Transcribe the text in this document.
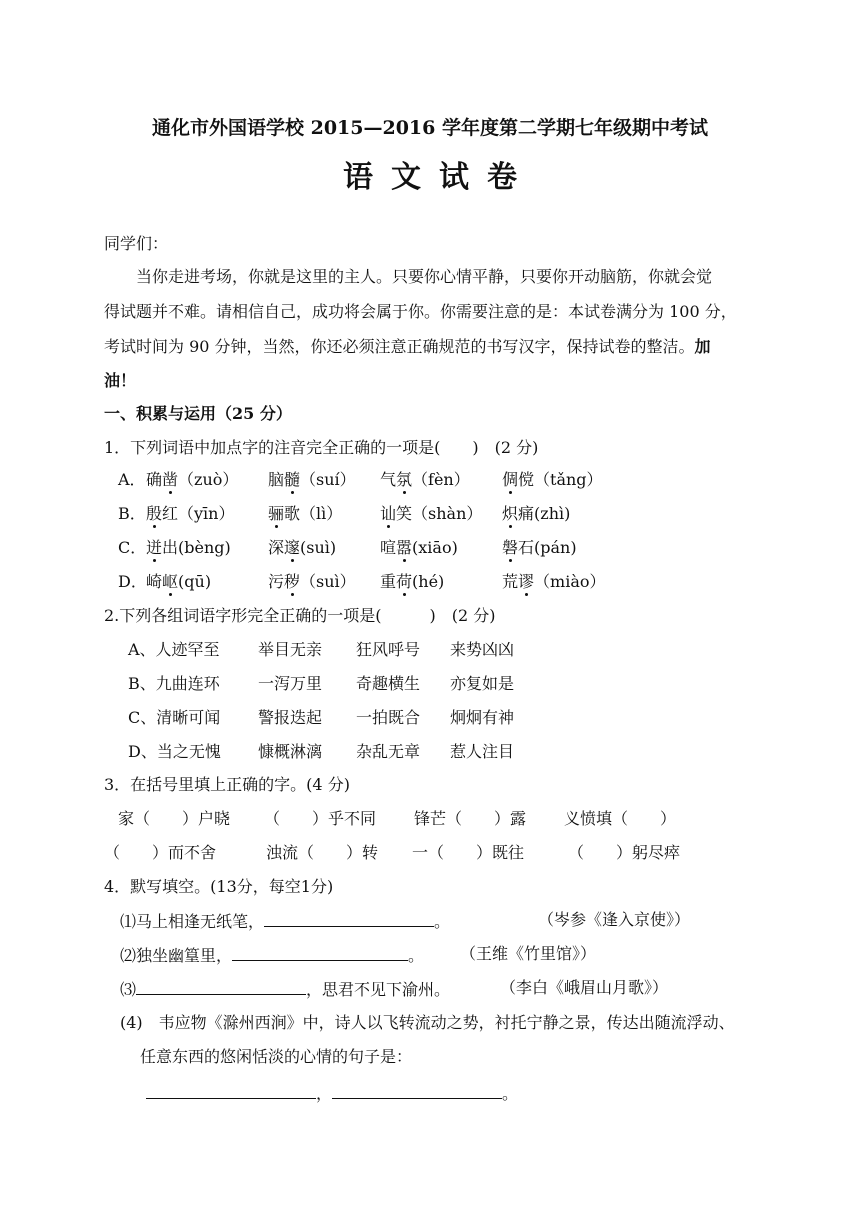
通化市外国语学校 2015—2016 学年度第二学期七年级期中考试
语文试卷
同学们：
当你走进考场，你就是这里的主人。只要你心情平静，只要你开动脑筋，你就会觉
得试题并不难。请相信自己，成功将会属于你。你需要注意的是：本试卷满分为 100 分，
考试时间为 90 分钟，当然，你还必须注意正确规范的书写汉字，保持试卷的整洁。加
油！
一、积累与运用（25 分）
1．下列词语中加点字的注音完全正确的一项是(　　)　(2 分)
A． 确凿（zuò） 脑髓（suí） 气氛（fèn） 倜傥（tǎng）
B． 殷红（yīn） 骊歌（lì） 讪笑（shàn） 炽痛(zhì)
C． 迸出(bèng) 深邃(suì)	喧嚣(xiāo)	磐石(pán)
D． 崎岖(qū)	污秽（suì） 重荷(hé)	荒谬（miào）
2.下列各组词语字形完全正确的一项是(　　　)　(2 分)
A、人迹罕至 举目无亲 狂风呼号 来势凶凶
B、九曲连环 一泻万里 奇趣横生 亦复如是
C、清晰可闻 警报迭起 一拍既合 炯炯有神
D、当之无愧 慷概淋漓 杂乱无章 惹人注目
3．在括号里填上正确的字。(4 分)
家（　　）户晓 （　　）乎不同 锋芒（　　）露 义愤填（　　）
（　　）而不舍	浊流（　　）转 一（　　）既往	（　　）躬尽瘁
4．默写填空。(13分，每空1分)
⑴马上相逢无纸笔，	。	（岑参《逢入京使》）
⑵独坐幽篁里，	。 （王维《竹里馆》）
⑶	，思君不见下渝州。	（李白《峨眉山月歌》）
(4)　韦应物《滁州西涧》中，诗人以飞转流动之势，衬托宁静之景，传达出随流浮动、
任意东西的悠闲恬淡的心情的句子是：
，	。
